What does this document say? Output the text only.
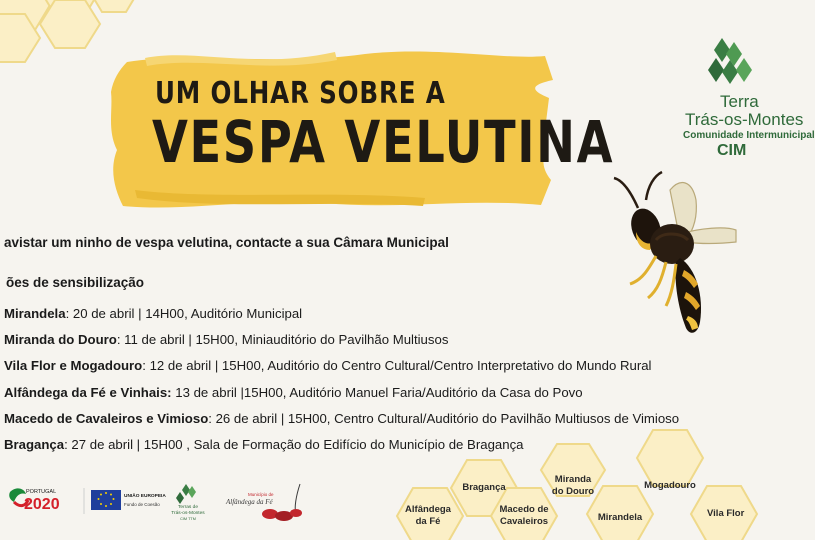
UM OLHAR SOBRE A
VESPA VELUTINA
Terra
Trás-os-Montes
Comunidade Intermunicipal
CIM
avistar um ninho de vespa velutina, contacte a sua Câmara Municipal
ões de sensibilização
Mirandela: 20 de abril | 14H00, Auditório Municipal
Miranda do Douro: 11 de abril | 15H00, Miniauditório do Pavilhão Multiusos
Vila Flor e Mogadouro: 12 de abril | 15H00, Auditório do Centro Cultural/Centro Interpretativo do Mundo Rural
Alfândega da Fé e Vinhais: 13 de abril |15H00, Auditório Manuel Faria/Auditório da Casa do Povo
Macedo de Cavaleiros e Vimioso: 26 de abril | 15H00, Centro Cultural/Auditório do Pavilhão Multiusos de Vimioso
Bragança: 27 de abril | 15H00 , Sala de Formação do Edifício do Município de Bragança
PORTUGAL
2020	UNIÃO EUROPEIA
Fundo de Coesão
Terras de
Trás-os-Montes
CIM TTM
Município de
Alfândega da Fé
Bragança
Miranda
do Douro
Mogadouro
Alfândega
da Fé
Macedo de
Cavaleiros	Mirandela	Vila Flor
